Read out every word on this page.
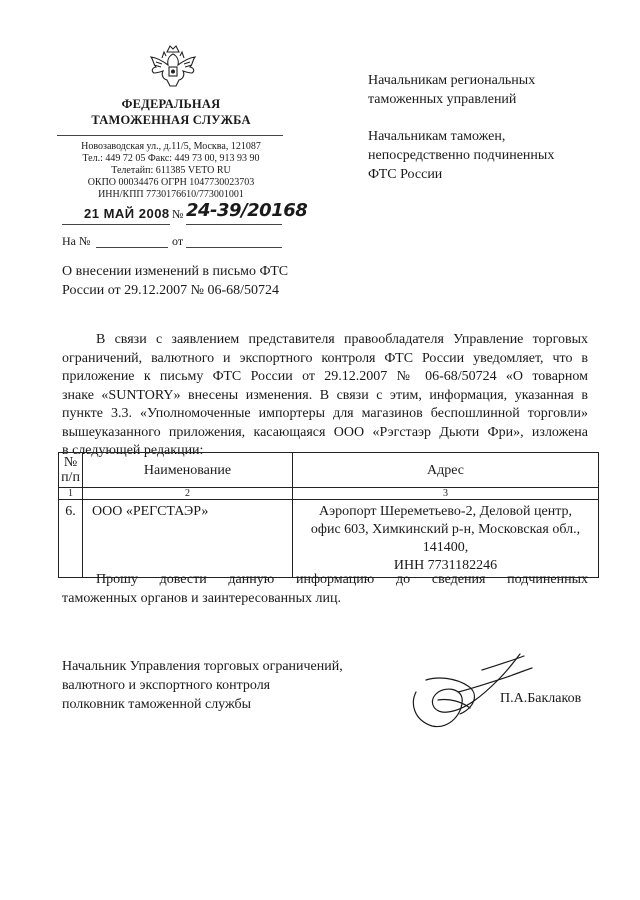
ФЕДЕРАЛЬНАЯ
ТАМОЖЕННАЯ СЛУЖБА
Новозаводская ул., д.11/5, Москва, 121087
Тел.: 449 72 05 Факс: 449 73 00, 913 93 90
Телетайп: 611385 VETO RU
ОКПО 00034476 ОГРН 1047730023703
ИНН/КПП 7730176610/773001001
21 МАЙ 2008 № 24-39/20168
На №	от
Начальникам региональных
таможенных управлений
Начальникам таможен,
непосредственно подчиненных
ФТС России
О внесении изменений в письмо ФТС
России от 29.12.2007 № 06-68/50724
В связи с заявлением представителя правообладателя Управление торговых
ограничений, валютного и экспортного контроля ФТС России уведомляет, что в
приложение к письму ФТС России от 29.12.2007 № 06-68/50724 «О товарном
знаке «SUNTORY» внесены изменения. В связи с этим, информация, указанная в
пункте 3.3. «Уполномоченные импортеры для магазинов беспошлинной торговли»
вышеуказанного приложения, касающаяся ООО «Рэгстаэр Дьюти Фри», изложена
в следующей редакции:
№ п/п	Наименование	Адрес
1	2	3
6.	ООО «РЕГСТАЭР»	Аэропорт Шереметьево-2, Деловой центр,
офис 603, Химкинский р-н, Московская обл.,
141400,
ИНН 7731182246
Прошу довести данную информацию до сведения подчиненных
таможенных органов и заинтересованных лиц.
Начальник Управления торговых ограничений,
валютного и экспортного контроля
полковник таможенной службы	П.А.Баклаков
